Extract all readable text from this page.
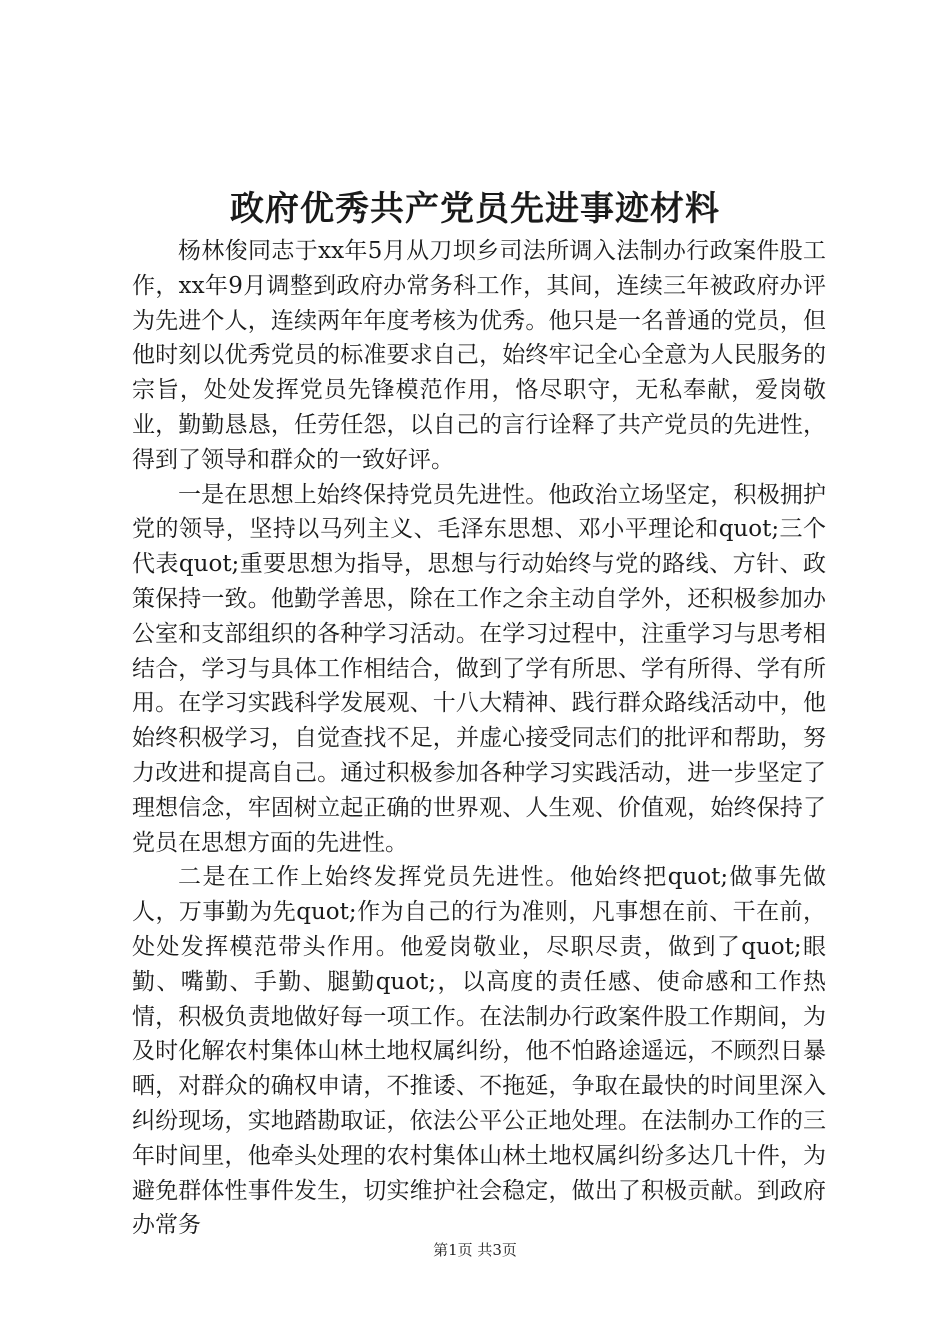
政府优秀共产党员先进事迹材料

杨林俊同志于xx年5月从刀坝乡司法所调入法制办行政案件股工作，xx年9月调整到政府办常务科工作，其间，连续三年被政府办评为先进个人，连续两年年度考核为优秀。他只是一名普通的党员，但他时刻以优秀党员的标准要求自己，始终牢记全心全意为人民服务的宗旨，处处发挥党员先锋模范作用，恪尽职守，无私奉献，爱岗敬业，勤勤恳恳，任劳任怨，以自己的言行诠释了共产党员的先进性，得到了领导和群众的一致好评。

一是在思想上始终保持党员先进性。他政治立场坚定，积极拥护党的领导，坚持以马列主义、毛泽东思想、邓小平理论和quot;三个代表quot;重要思想为指导，思想与行动始终与党的路线、方针、政策保持一致。他勤学善思，除在工作之余主动自学外，还积极参加办公室和支部组织的各种学习活动。在学习过程中，注重学习与思考相结合，学习与具体工作相结合，做到了学有所思、学有所得、学有所用。在学习实践科学发展观、十八大精神、践行群众路线活动中，他始终积极学习，自觉查找不足，并虚心接受同志们的批评和帮助，努力改进和提高自己。通过积极参加各种学习实践活动，进一步坚定了理想信念，牢固树立起正确的世界观、人生观、价值观，始终保持了党员在思想方面的先进性。

二是在工作上始终发挥党员先进性。他始终把quot;做事先做人，万事勤为先quot;作为自己的行为准则，凡事想在前、干在前，处处发挥模范带头作用。他爱岗敬业，尽职尽责，做到了quot;眼勤、嘴勤、手勤、腿勤quot;，以高度的责任感、使命感和工作热情，积极负责地做好每一项工作。在法制办行政案件股工作期间，为及时化解农村集体山林土地权属纠纷，他不怕路途遥远，不顾烈日暴晒，对群众的确权申请，不推诿、不拖延，争取在最快的时间里深入纠纷现场，实地踏勘取证，依法公平公正地处理。在法制办工作的三年时间里，他牵头处理的农村集体山林土地权属纠纷多达几十件，为避免群体性事件发生，切实维护社会稳定，做出了积极贡献。到政府办常务

第1页 共3页
